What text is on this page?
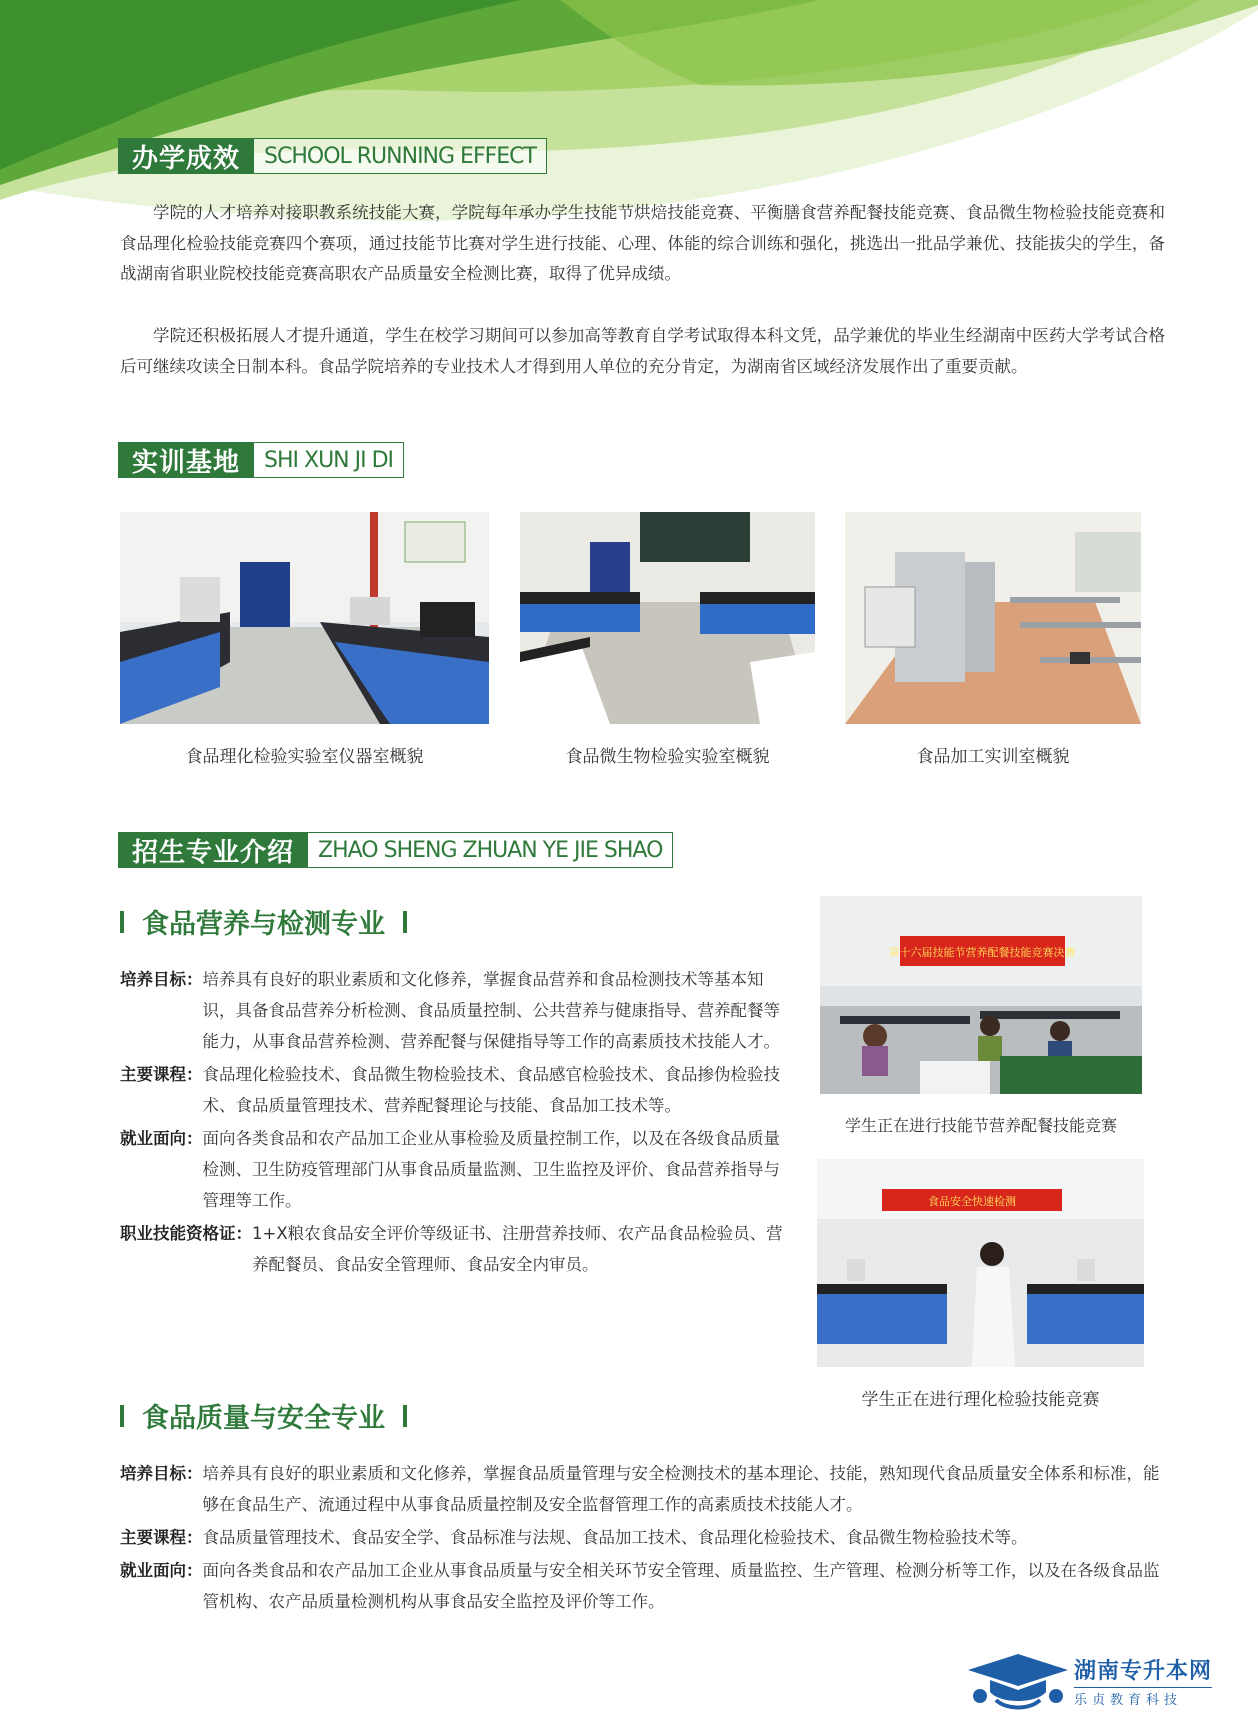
办学成效	SCHOOL RUNNING EFFECT

学院的人才培养对接职教系统技能大赛，学院每年承办学生技能节烘焙技能竞赛、平衡膳食营养配餐技能竞赛、食品微生物检验技能竞赛和食品理化检验技能竞赛四个赛项，通过技能节比赛对学生进行技能、心理、体能的综合训练和强化，挑选出一批品学兼优、技能拔尖的学生，备战湖南省职业院校技能竞赛高职农产品质量安全检测比赛，取得了优异成绩。

学院还积极拓展人才提升通道，学生在校学习期间可以参加高等教育自学考试取得本科文凭，品学兼优的毕业生经湖南中医药大学考试合格后可继续攻读全日制本科。食品学院培养的专业技术人才得到用人单位的充分肯定，为湖南省区域经济发展作出了重要贡献。

实训基地	SHI XUN JI DI
食品理化检验实验室仪器室概貌	食品微生物检验实验室概貌	食品加工实训室概貌
招生专业介绍	ZHAO SHENG ZHUAN YE JIE SHAO
食品营养与检测专业
培养目标： 培养具有良好的职业素质和文化修养，掌握食品营养和食品检测技术等基本知识，具备食品营养分析检测、食品质量控制、公共营养与健康指导、营养配餐等能力，从事食品营养检测、营养配餐与保健指导等工作的高素质技术技能人才。
主要课程： 食品理化检验技术、食品微生物检验技术、食品感官检验技术、食品掺伪检验技术、食品质量管理技术、营养配餐理论与技能、食品加工技术等。
就业面向： 面向各类食品和农产品加工企业从事检验及质量控制工作，以及在各级食品质量检测、卫生防疫管理部门从事食品质量监测、卫生监控及评价、食品营养指导与管理等工作。
职业技能资格证： 1+X粮农食品安全评价等级证书、注册营养技师、农产品食品检验员、营养配餐员、食品安全管理师、食品安全内审员。
第十六届技能节营养配餐技能竞赛决赛
学生正在进行技能节营养配餐技能竞赛
食品安全快速检测
学生正在进行理化检验技能竞赛
食品质量与安全专业
培养目标： 培养具有良好的职业素质和文化修养，掌握食品质量管理与安全检测技术的基本理论、技能，熟知现代食品质量安全体系和标准，能够在食品生产、流通过程中从事食品质量控制及安全监督管理工作的高素质技术技能人才。
主要课程： 食品质量管理技术、食品安全学、食品标准与法规、食品加工技术、食品理化检验技术、食品微生物检验技术等。
就业面向： 面向各类食品和农产品加工企业从事食品质量与安全相关环节安全管理、质量监控、生产管理、检测分析等工作，以及在各级食品监管机构、农产品质量检测机构从事食品安全监控及评价等工作。
湖南专升本网
乐贞教育科技
